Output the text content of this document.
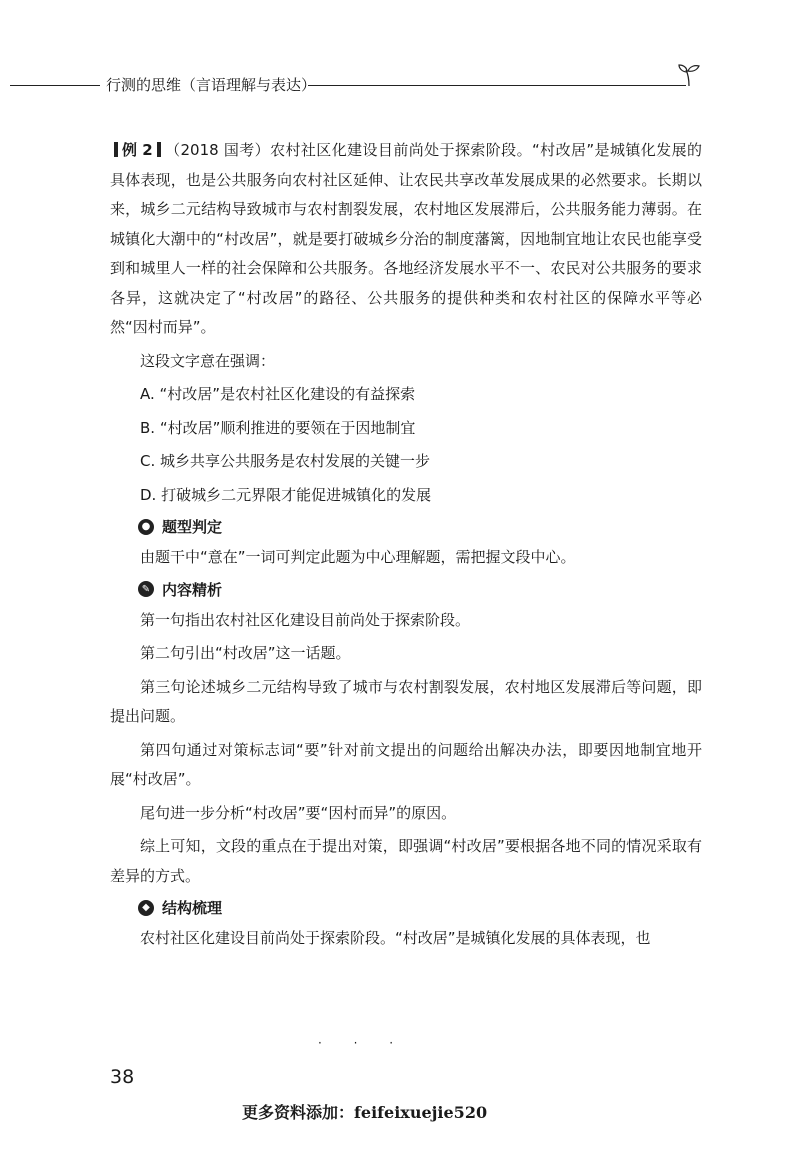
行测的思维（言语理解与表达）

例 2 （2018 国考）农村社区化建设目前尚处于探索阶段。“村改居”是城镇化发展的具体表现，也是公共服务向农村社区延伸、让农民共享改革发展成果的必然要求。长期以来，城乡二元结构导致城市与农村割裂发展，农村地区发展滞后，公共服务能力薄弱。在城镇化大潮中的“村改居”，就是要打破城乡分治的制度藩篱，因地制宜地让农民也能享受到和城里人一样的社会保障和公共服务。各地经济发展水平不一、农民对公共服务的要求各异，这就决定了“村改居”的路径、公共服务的提供种类和农村社区的保障水平等必然“因村而异”。

这段文字意在强调：

A. “村改居”是农村社区化建设的有益探索

B. “村改居”顺利推进的要领在于因地制宜

C. 城乡共享公共服务是农村发展的关键一步

D. 打破城乡二元界限才能促进城镇化的发展

● 题型判定

由题干中“意在”一词可判定此题为中心理解题，需把握文段中心。

✎ 内容精析

第一句指出农村社区化建设目前尚处于探索阶段。

第二句引出“村改居”这一话题。

第三句论述城乡二元结构导致了城市与农村割裂发展，农村地区发展滞后等问题，即提出问题。

第四句通过对策标志词“要”针对前文提出的问题给出解决办法，即要因地制宜地开展“村改居”。

尾句进一步分析“村改居”要“因村而异”的原因。

综上可知，文段的重点在于提出对策，即强调“村改居”要根据各地不同的情况采取有差异的方式。

◆ 结构梳理

农村社区化建设目前尚处于探索阶段。“村改居”是城镇化发展的具体表现，也

· · ·
38
更多资料添加：feifeixuejie520
